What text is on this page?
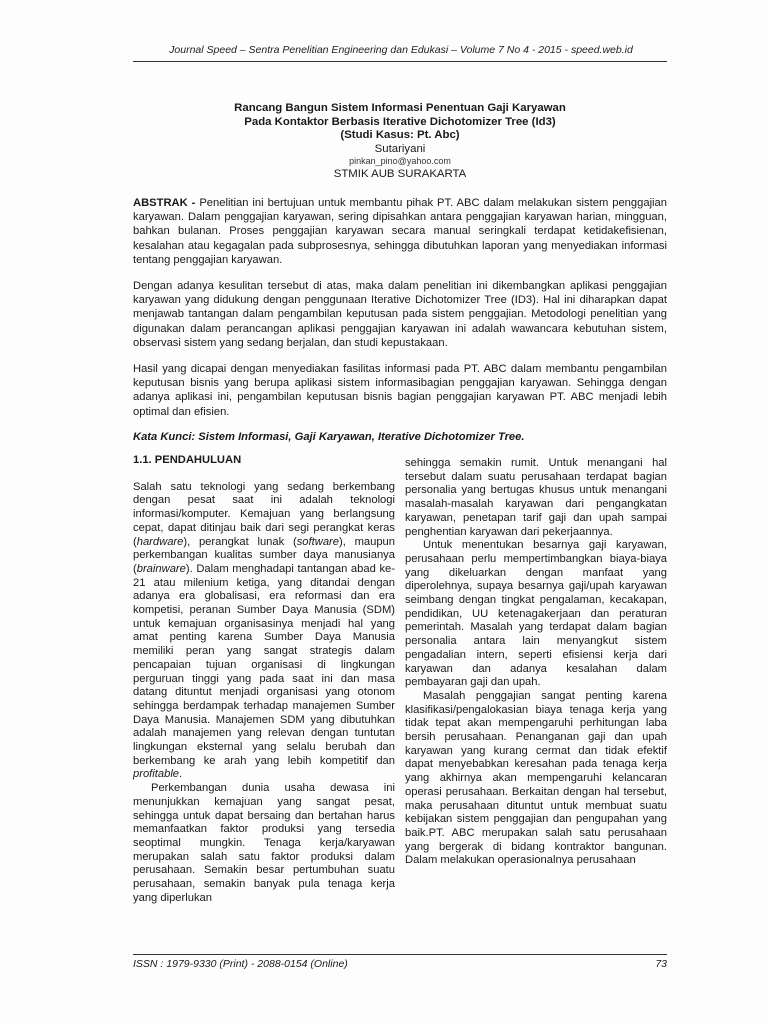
Journal Speed – Sentra Penelitian Engineering dan Edukasi – Volume 7 No 4 - 2015 - speed.web.id
Rancang Bangun Sistem Informasi Penentuan Gaji Karyawan
Pada Kontaktor Berbasis Iterative Dichotomizer Tree (Id3)
(Studi Kasus: Pt. Abc)
Sutariyani
pinkan_pino@yahoo.com
STMIK AUB SURAKARTA

ABSTRAK - Penelitian ini bertujuan untuk membantu pihak PT. ABC dalam melakukan sistem penggajian karyawan. Dalam penggajian karyawan, sering dipisahkan antara penggajian karyawan harian, mingguan, bahkan bulanan. Proses penggajian karyawan secara manual seringkali terdapat ketidakefisienan, kesalahan atau kegagalan pada subprosesnya, sehingga dibutuhkan laporan yang menyediakan informasi tentang penggajian karyawan.

Dengan adanya kesulitan tersebut di atas, maka dalam penelitian ini dikembangkan aplikasi penggajian karyawan yang didukung dengan penggunaan Iterative Dichotomizer Tree (ID3). Hal ini diharapkan dapat menjawab tantangan dalam pengambilan keputusan pada sistem penggajian. Metodologi penelitian yang digunakan dalam perancangan aplikasi penggajian karyawan ini adalah wawancara kebutuhan sistem, observasi sistem yang sedang berjalan, dan studi kepustakaan.

Hasil yang dicapai dengan menyediakan fasilitas informasi pada PT. ABC dalam membantu pengambilan keputusan bisnis yang berupa aplikasi sistem informasibagian penggajian karyawan. Sehingga dengan adanya aplikasi ini, pengambilan keputusan bisnis bagian penggajian karyawan PT. ABC menjadi lebih optimal dan efisien.

Kata Kunci: Sistem Informasi, Gaji Karyawan, Iterative Dichotomizer Tree.
1.1. PENDAHULUAN

Salah satu teknologi yang sedang berkembang dengan pesat saat ini adalah teknologi informasi/komputer. Kemajuan yang berlangsung cepat, dapat ditinjau baik dari segi perangkat keras (hardware), perangkat lunak (software), maupun perkembangan kualitas sumber daya manusianya (brainware). Dalam menghadapi tantangan abad ke-21 atau milenium ketiga, yang ditandai dengan adanya era globalisasi, era reformasi dan era kompetisi, peranan Sumber Daya Manusia (SDM) untuk kemajuan organisasinya menjadi hal yang amat penting karena Sumber Daya Manusia memiliki peran yang sangat strategis dalam pencapaian tujuan organisasi di lingkungan perguruan tinggi yang pada saat ini dan masa datang dituntut menjadi organisasi yang otonom sehingga berdampak terhadap manajemen Sumber Daya Manusia. Manajemen SDM yang dibutuhkan adalah manajemen yang relevan dengan tuntutan lingkungan eksternal yang selalu berubah dan berkembang ke arah yang lebih kompetitif dan profitable.

Perkembangan dunia usaha dewasa ini menunjukkan kemajuan yang sangat pesat, sehingga untuk dapat bersaing dan bertahan harus memanfaatkan faktor produksi yang tersedia seoptimal mungkin. Tenaga kerja/karyawan merupakan salah satu faktor produksi dalam perusahaan. Semakin besar pertumbuhan suatu perusahaan, semakin banyak pula tenaga kerja yang diperlukan

sehingga semakin rumit. Untuk menangani hal tersebut dalam suatu perusahaan terdapat bagian personalia yang bertugas khusus untuk menangani masalah-masalah karyawan dari pengangkatan karyawan, penetapan tarif gaji dan upah sampai penghentian karyawan dari pekerjaannya.

Untuk menentukan besarnya gaji karyawan, perusahaan perlu mempertimbangkan biaya-biaya yang dikeluarkan dengan manfaat yang diperolehnya, supaya besarnya gaji/upah karyawan seimbang dengan tingkat pengalaman, kecakapan, pendidikan, UU ketenagakerjaan dan peraturan pemerintah. Masalah yang terdapat dalam bagian personalia antara lain menyangkut sistem pengadalian intern, seperti efisiensi kerja dari karyawan dan adanya kesalahan dalam pembayaran gaji dan upah.

Masalah penggajian sangat penting karena klasifikasi/pengalokasian biaya tenaga kerja yang tidak tepat akan mempengaruhi perhitungan laba bersih perusahaan. Penanganan gaji dan upah karyawan yang kurang cermat dan tidak efektif dapat menyebabkan keresahan pada tenaga kerja yang akhirnya akan mempengaruhi kelancaran operasi perusahaan. Berkaitan dengan hal tersebut, maka perusahaan dituntut untuk membuat suatu kebijakan sistem penggajian dan pengupahan yang baik.PT. ABC merupakan salah satu perusahaan yang bergerak di bidang kontraktor bangunan. Dalam melakukan operasionalnya perusahaan

ISSN : 1979-9330 (Print) - 2088-0154 (Online)	73
